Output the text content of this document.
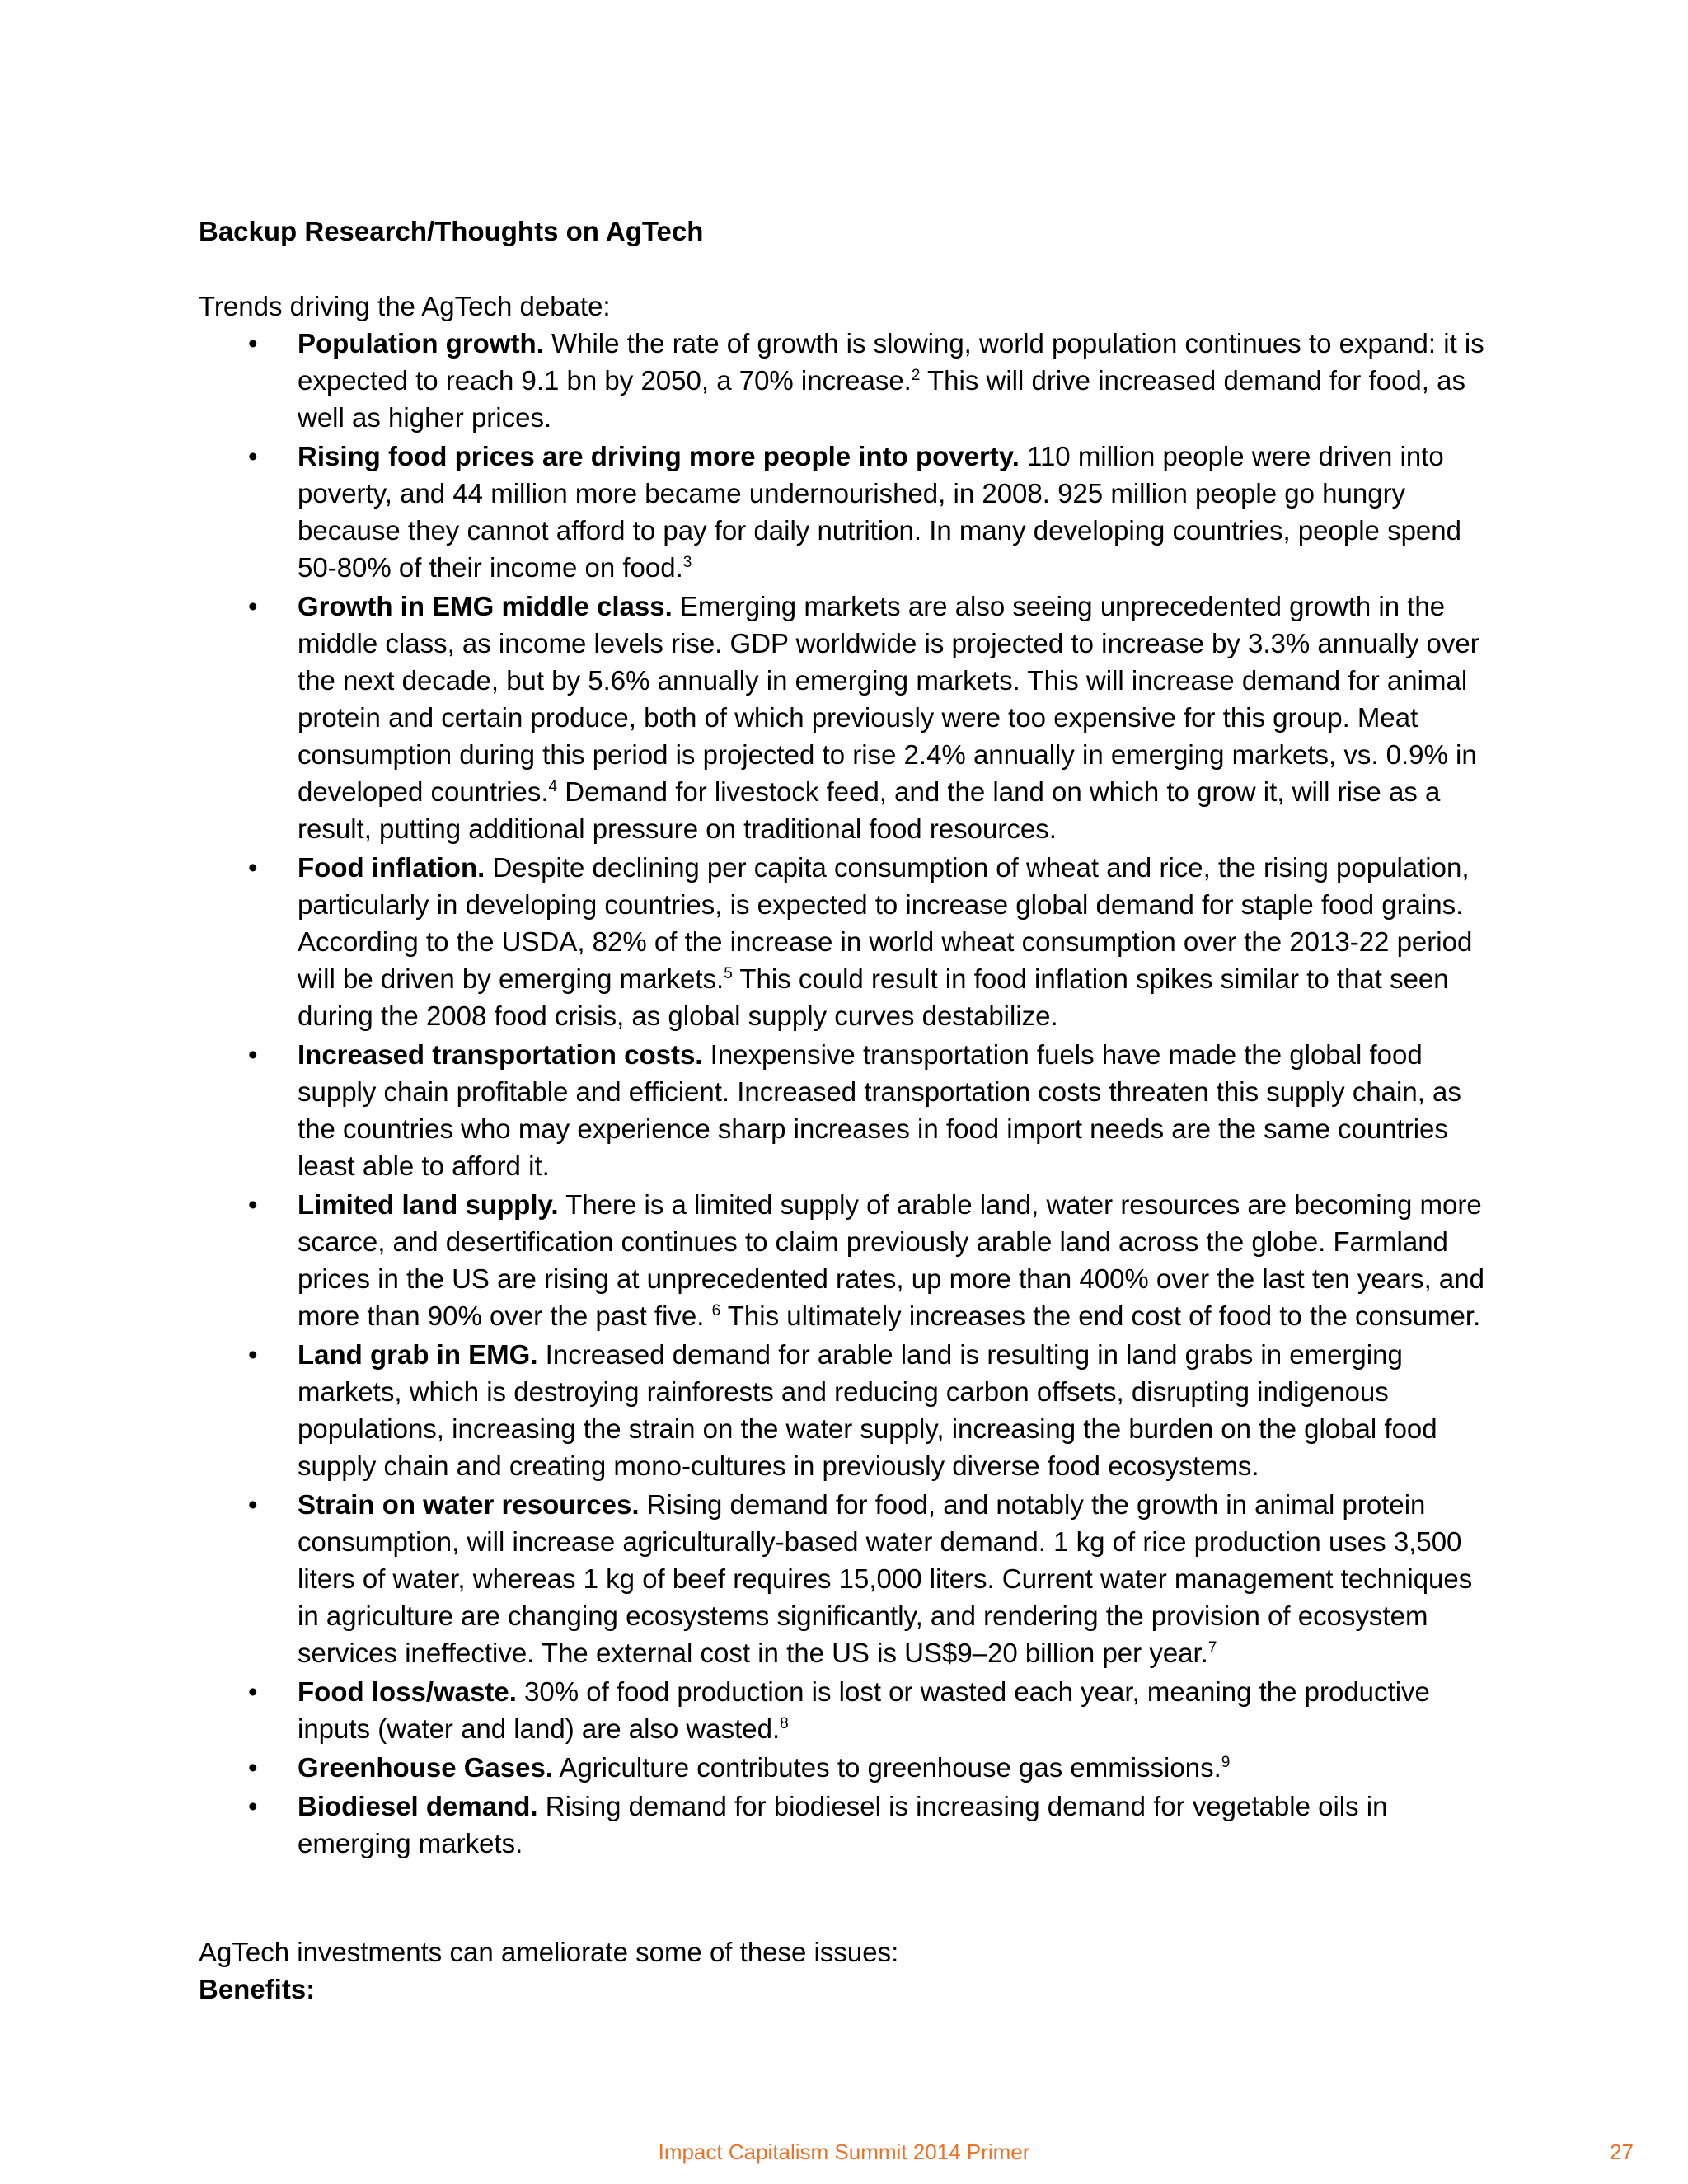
Backup Research/Thoughts on AgTech
Trends driving the AgTech debate:
• Population growth. While the rate of growth is slowing, world population continues to expand: it is expected to reach 9.1 bn by 2050, a 70% increase.$^2$ This will drive increased demand for food, as well as higher prices.
• Rising food prices are driving more people into poverty. 110 million people were driven into poverty, and 44 million more became undernourished, in 2008. 925 million people go hungry because they cannot afford to pay for daily nutrition. In many developing countries, people spend 50-80% of their income on food.$^3$
• Growth in EMG middle class. Emerging markets are also seeing unprecedented growth in the middle class, as income levels rise. GDP worldwide is projected to increase by 3.3% annually over the next decade, but by 5.6% annually in emerging markets. This will increase demand for animal protein and certain produce, both of which previously were too expensive for this group. Meat consumption during this period is projected to rise 2.4% annually in emerging markets, vs. 0.9% in developed countries.$^4$ Demand for livestock feed, and the land on which to grow it, will rise as a result, putting additional pressure on traditional food resources.
• Food inflation. Despite declining per capita consumption of wheat and rice, the rising population, particularly in developing countries, is expected to increase global demand for staple food grains. According to the USDA, 82% of the increase in world wheat consumption over the 2013-22 period will be driven by emerging markets.$^5$ This could result in food inflation spikes similar to that seen during the 2008 food crisis, as global supply curves destabilize.
• Increased transportation costs. Inexpensive transportation fuels have made the global food supply chain profitable and efficient. Increased transportation costs threaten this supply chain, as the countries who may experience sharp increases in food import needs are the same countries least able to afford it.
• Limited land supply. There is a limited supply of arable land, water resources are becoming more scarce, and desertification continues to claim previously arable land across the globe. Farmland prices in the US are rising at unprecedented rates, up more than 400% over the last ten years, and more than 90% over the past five. $^6$ This ultimately increases the end cost of food to the consumer.
• Land grab in EMG. Increased demand for arable land is resulting in land grabs in emerging markets, which is destroying rainforests and reducing carbon offsets, disrupting indigenous populations, increasing the strain on the water supply, increasing the burden on the global food supply chain and creating mono-cultures in previously diverse food ecosystems.
• Strain on water resources. Rising demand for food, and notably the growth in animal protein consumption, will increase agriculturally-based water demand. 1 kg of rice production uses 3,500 liters of water, whereas 1 kg of beef requires 15,000 liters. Current water management techniques in agriculture are changing ecosystems significantly, and rendering the provision of ecosystem services ineffective. The external cost in the US is US$9–20 billion per year.$^7$
• Food loss/waste. 30% of food production is lost or wasted each year, meaning the productive inputs (water and land) are also wasted.$^8$
• Greenhouse Gases. Agriculture contributes to greenhouse gas emmissions.$^9$
• Biodiesel demand. Rising demand for biodiesel is increasing demand for vegetable oils in emerging markets.
AgTech investments can ameliorate some of these issues:
Benefits:
Impact Capitalism Summit 2014 Primer	27
